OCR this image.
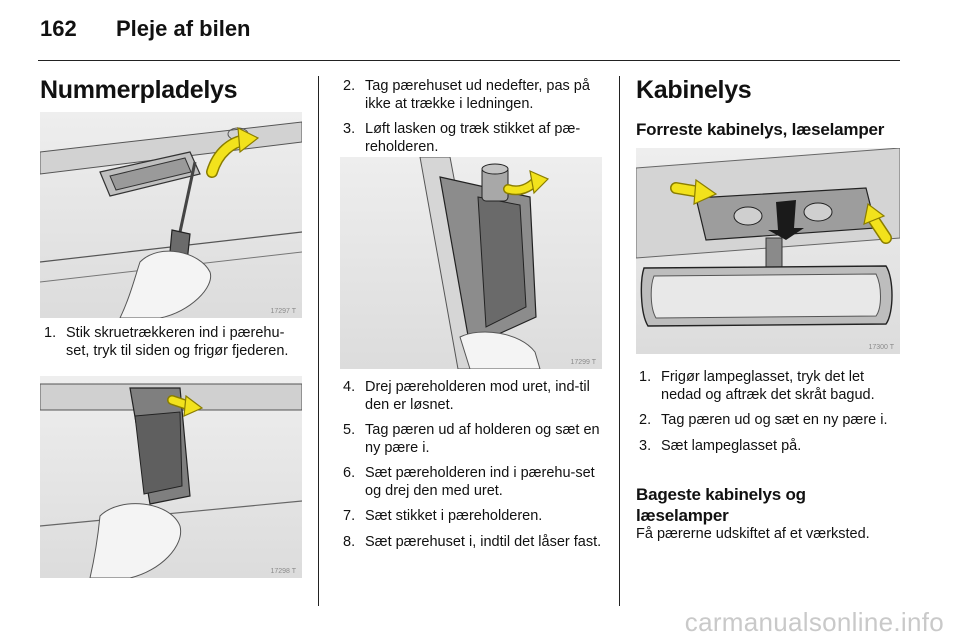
162 Pleje af bilen
Nummerpladelys
17297 T
1. Stik skruetrækkeren ind i pærehu-set, tryk til siden og frigør fjederen.
17298 T
2. Tag pærehuset ud nedefter, pas på ikke at trække i ledningen.
3. Løft lasken og træk stikket af pæ-reholderen.
17299 T
4. Drej pæreholderen mod uret, ind-til den er løsnet.
5. Tag pæren ud af holderen og sæt en ny pære i.
6. Sæt pæreholderen ind i pærehu-set og drej den med uret.
7. Sæt stikket i pæreholderen.
8. Sæt pærehuset i, indtil det låser fast.
Kabinelys
Forreste kabinelys, læselamper
17300 T
1. Frigør lampeglasset, tryk det let nedad og aftræk det skråt bagud.
2. Tag pæren ud og sæt en ny pære i.
3. Sæt lampeglasset på.
Bageste kabinelys og læselamper

Få pærerne udskiftet af et værksted.

carmanualsonline.info
